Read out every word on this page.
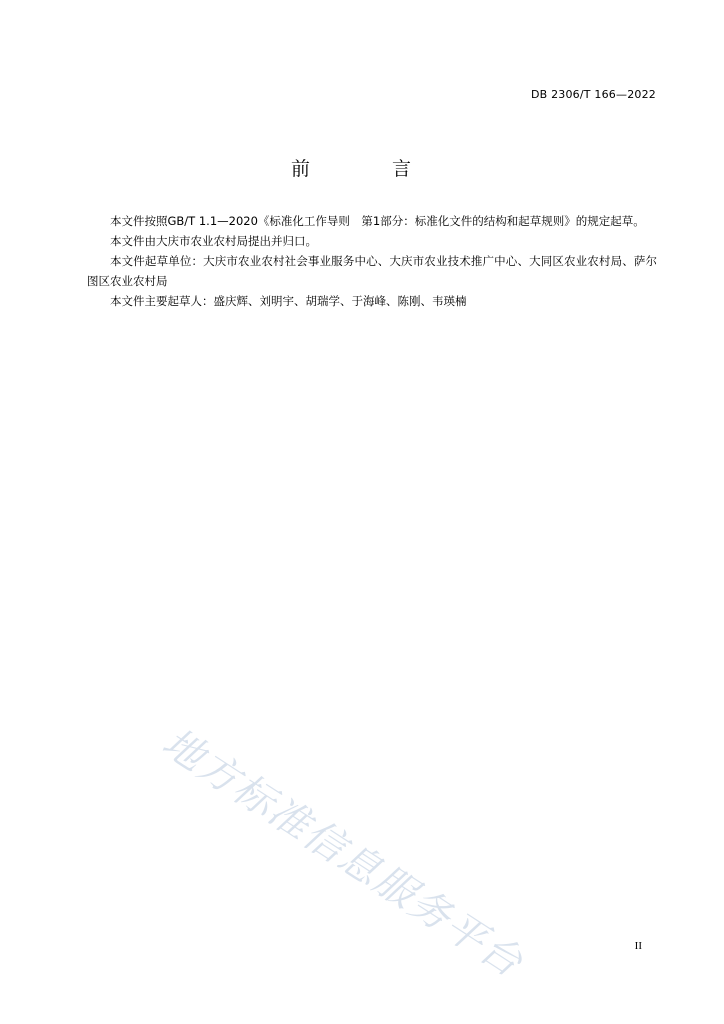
DB 2306/T 166—2022
前 言

本文件按照GB/T 1.1—2020《标准化工作导则　第1部分：标准化文件的结构和起草规则》的规定起草。

本文件由大庆市农业农村局提出并归口。

本文件起草单位：大庆市农业农村社会事业服务中心、大庆市农业技术推广中心、大同区农业农村局、萨尔图区农业农村局

本文件主要起草人：盛庆辉、刘明宇、胡瑞学、于海峰、陈刚、韦瑛楠

地方标准信息服务平台	II
